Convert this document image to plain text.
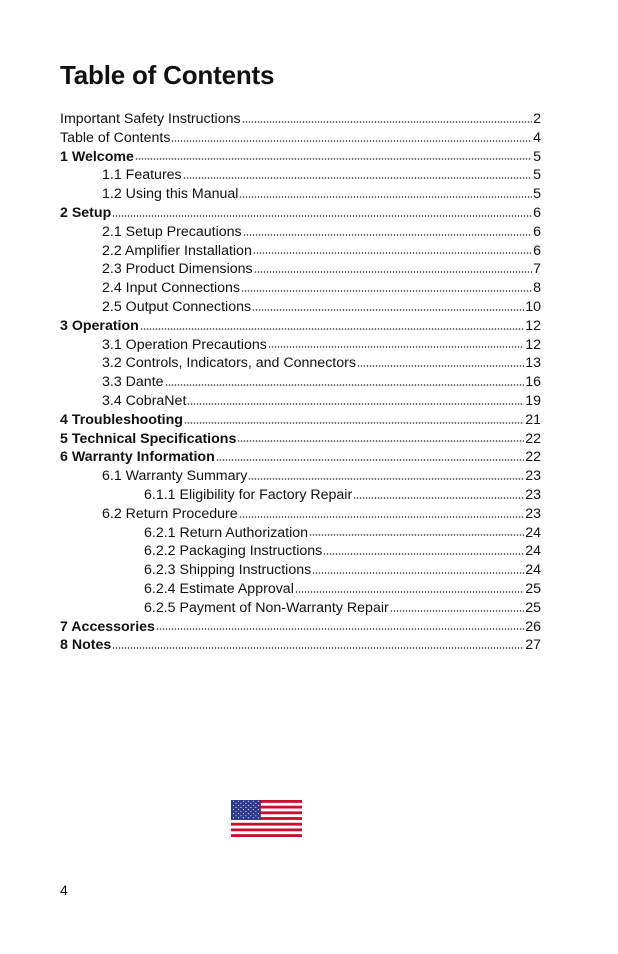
Table of Contents
Important Safety Instructions	2
Table of Contents	4
1 Welcome	5
1.1 Features	5
1.2 Using this Manual	5
2 Setup	6
2.1 Setup Precautions	6
2.2 Amplifier Installation	6
2.3 Product Dimensions	7
2.4 Input Connections	8
2.5 Output Connections	10
3 Operation	12
3.1 Operation Precautions	12
3.2 Controls, Indicators, and Connectors	13
3.3 Dante	16
3.4 CobraNet	19
4 Troubleshooting	21
5 Technical Specifications	22
6 Warranty Information	22
6.1 Warranty Summary	23
6.1.1 Eligibility for Factory Repair	23
6.2 Return Procedure	23
6.2.1 Return Authorization	24
6.2.2 Packaging Instructions	24
6.2.3 Shipping Instructions	24
6.2.4 Estimate Approval	25
6.2.5 Payment of Non-Warranty Repair	25
7 Accessories	26
8 Notes	27
4
